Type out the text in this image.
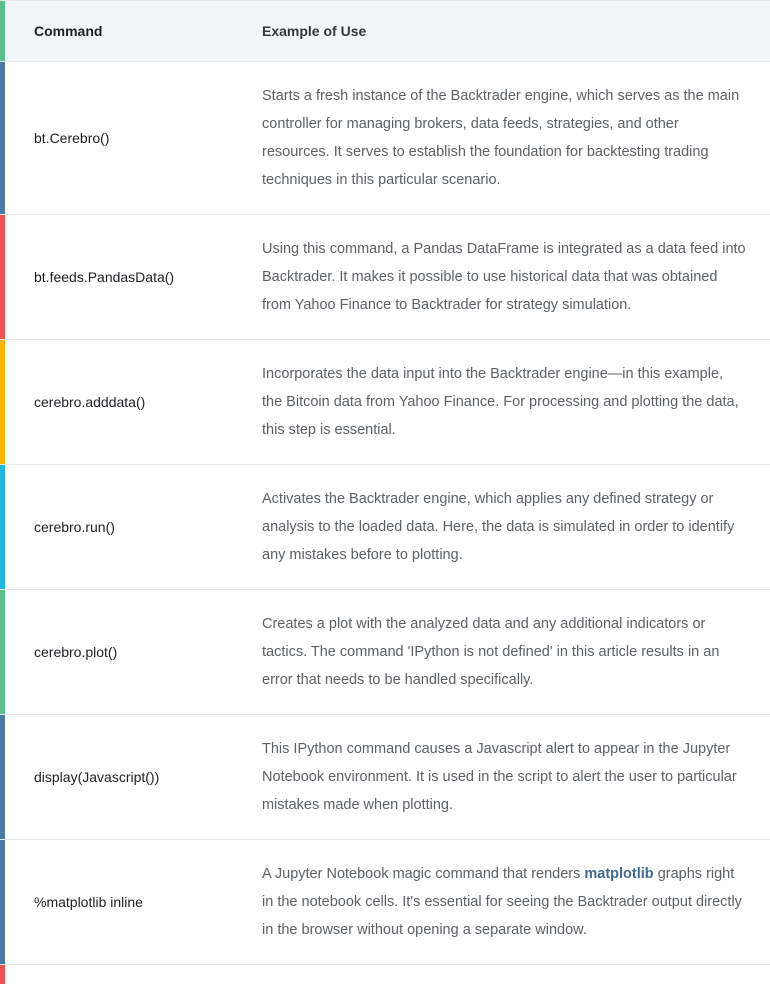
Command	Example of Use
bt.Cerebro()
Starts a fresh instance of the Backtrader engine, which serves as the main controller for managing brokers, data feeds, strategies, and other resources. It serves to establish the foundation for backtesting trading techniques in this particular scenario.
bt.feeds.PandasData()
Using this command, a Pandas DataFrame is integrated as a data feed into Backtrader. It makes it possible to use historical data that was obtained from Yahoo Finance to Backtrader for strategy simulation.
cerebro.adddata()
Incorporates the data input into the Backtrader engine—in this example, the Bitcoin data from Yahoo Finance. For processing and plotting the data, this step is essential.
cerebro.run()
Activates the Backtrader engine, which applies any defined strategy or analysis to the loaded data. Here, the data is simulated in order to identify any mistakes before to plotting.
cerebro.plot()
Creates a plot with the analyzed data and any additional indicators or tactics. The command 'IPython is not defined' in this article results in an error that needs to be handled specifically.
display(Javascript())
This IPython command causes a Javascript alert to appear in the Jupyter Notebook environment. It is used in the script to alert the user to particular mistakes made when plotting.
%matplotlib inline
A Jupyter Notebook magic command that renders matplotlib graphs right in the notebook cells. It's essential for seeing the Backtrader output directly in the browser without opening a separate window.
